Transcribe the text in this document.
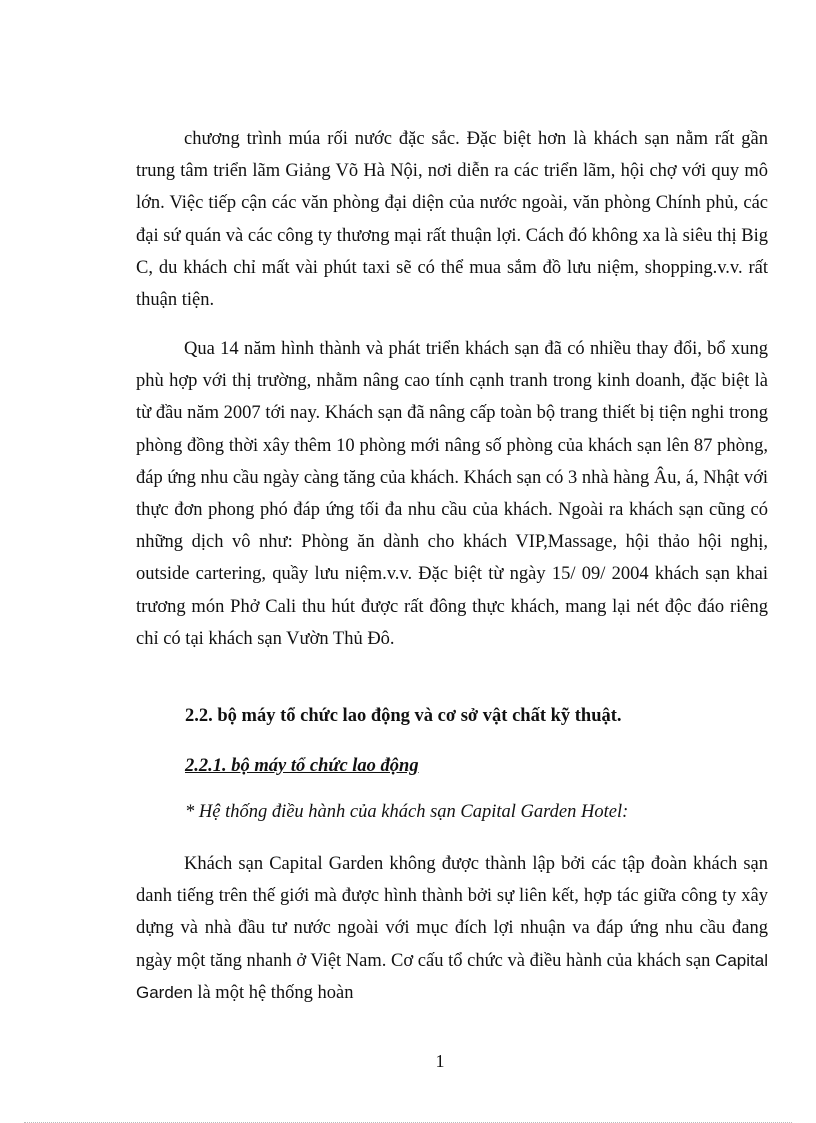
chương trình múa rối nước đặc sắc. Đặc biệt hơn là khách sạn nằm rất gần trung tâm triển lãm Giảng Võ Hà Nội, nơi diễn ra các triển lãm, hội chợ với quy mô lớn. Việc tiếp cận các văn phòng đại diện của nước ngoài, văn phòng Chính phủ, các đại sứ quán và các công ty thương mại rất thuận lợi. Cách đó không xa là siêu thị Big C, du khách chỉ mất vài phút taxi sẽ có thể mua sắm đồ lưu niệm, shopping.v.v. rất thuận tiện.

Qua 14 năm hình thành và phát triển khách sạn đã có nhiều thay đổi, bổ xung phù hợp với thị trường, nhằm nâng cao tính cạnh tranh trong kinh doanh, đặc biệt là từ đầu năm 2007 tới nay. Khách sạn đã nâng cấp toàn bộ trang thiết bị tiện nghi trong phòng đồng thời xây thêm 10 phòng mới nâng số phòng của khách sạn lên 87 phòng, đáp ứng nhu cầu ngày càng tăng của khách. Khách sạn có 3 nhà hàng Âu, á, Nhật với thực đơn phong phó đáp ứng tối đa nhu cầu của khách. Ngoài ra khách sạn cũng có những dịch vô như: Phòng ăn dành cho khách VIP,Massage, hội thảo hội nghị, outside cartering, quầy lưu niệm.v.v. Đặc biệt từ ngày 15/ 09/ 2004 khách sạn khai trương món Phở Cali thu hút được rất đông thực khách, mang lại nét độc đáo riêng chỉ có tại khách sạn Vườn Thủ Đô.

2.2. bộ máy tổ chức lao động và cơ sở vật chất kỹ thuật.

2.2.1. bộ máy tổ chức lao động

* Hệ thống điều hành của khách sạn Capital Garden Hotel:

Khách sạn Capital Garden không được thành lập bởi các tập đoàn khách sạn danh tiếng trên thế giới mà được hình thành bởi sự liên kết, hợp tác giữa công ty xây dựng và nhà đầu tư nước ngoài với mục đích lợi nhuận va đáp ứng nhu cầu đang ngày một tăng nhanh ở Việt Nam. Cơ cấu tổ chức và điều hành của khách sạn Capital Garden là một hệ thống hoàn

1
